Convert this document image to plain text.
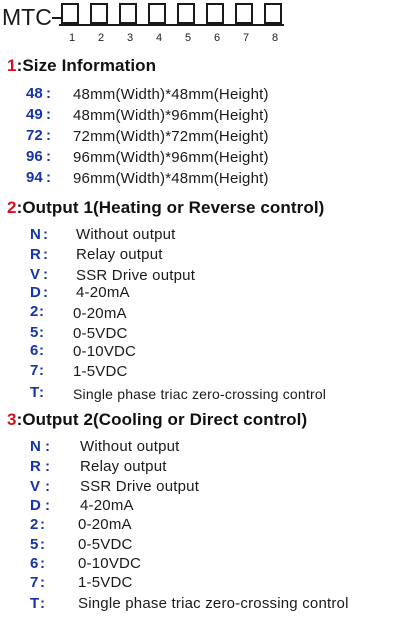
MTC
1	2	3	4	5	6	7	8
1:Size Information
48 : 48mm(Width)*48mm(Height)
49 : 48mm(Width)*96mm(Height)
72 : 72mm(Width)*72mm(Height)
96 : 96mm(Width)*96mm(Height)
94 : 96mm(Width)*48mm(Height)
2:Output 1(Heating or Reverse control)
N : Without output
R : Relay output
V : SSR Drive output
D : 4-20mA
2 : 0-20mA
5 : 0-5VDC
6 : 0-10VDC
7 : 1-5VDC
T : Single phase triac zero-crossing control
3:Output 2(Cooling or Direct control)
N : Without output
R : Relay output
V : SSR Drive output
D : 4-20mA
2 : 0-20mA
5 : 0-5VDC
6 : 0-10VDC
7 : 1-5VDC
T : Single phase triac zero-crossing control
